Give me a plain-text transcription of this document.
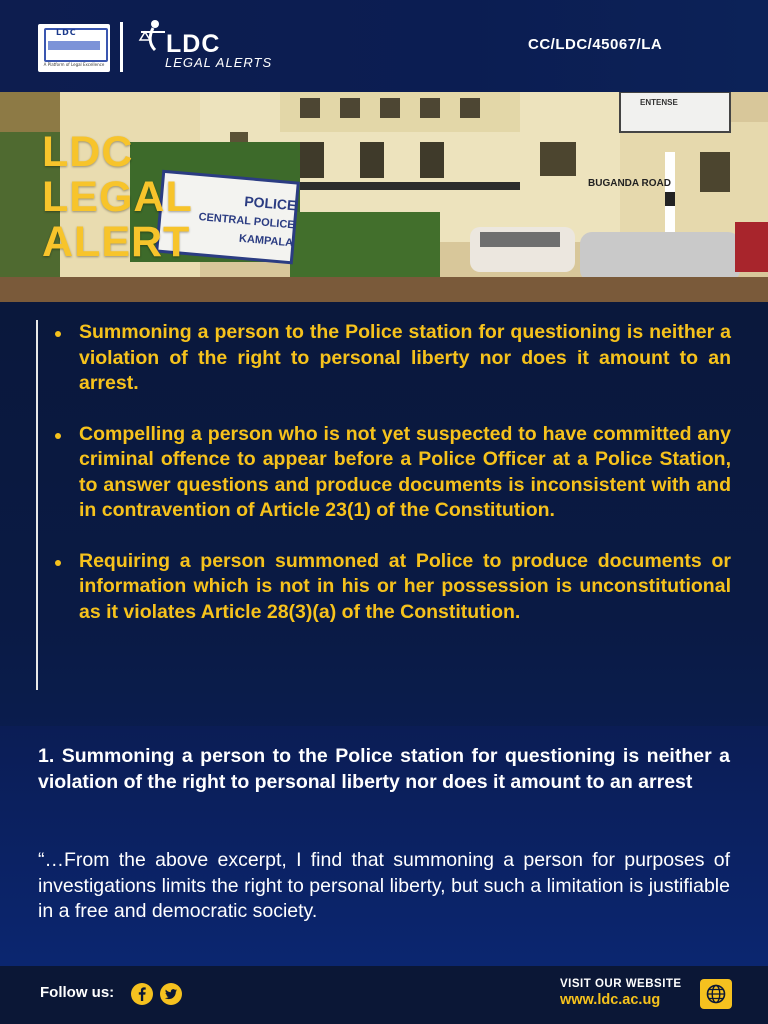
LDC
A Platform of Legal Excellence
LDC
LEGAL ALERTS
CC/LDC/45067/LA
LDC
LEGAL
ALERT
POLICE
CENTRAL POLICE
KAMPALA
BUGANDA ROAD
ENTENSE
Summoning a person to the Police station for questioning is neither a violation of the right to personal liberty nor does it amount to an arrest.
Compelling a person who is not yet suspected to have committed any criminal offence to appear before a Police Officer at a Police Station, to answer questions and produce documents is inconsistent with and in contravention of Article 23(1) of the Constitution.
Requiring a person summoned at Police to produce documents or information which is not in his or her possession is unconstitutional as it violates Article 28(3)(a) of the Constitution.
1. Summoning a person to the Police station for questioning is neither a violation of the right to personal liberty nor does it amount to an arrest
“…From the above excerpt, I find that summoning a person for purposes of investigations limits the right to personal liberty, but such a limitation is justifiable in a free and democratic society.
Follow us:	VISIT OUR WEBSITE
www.ldc.ac.ug
